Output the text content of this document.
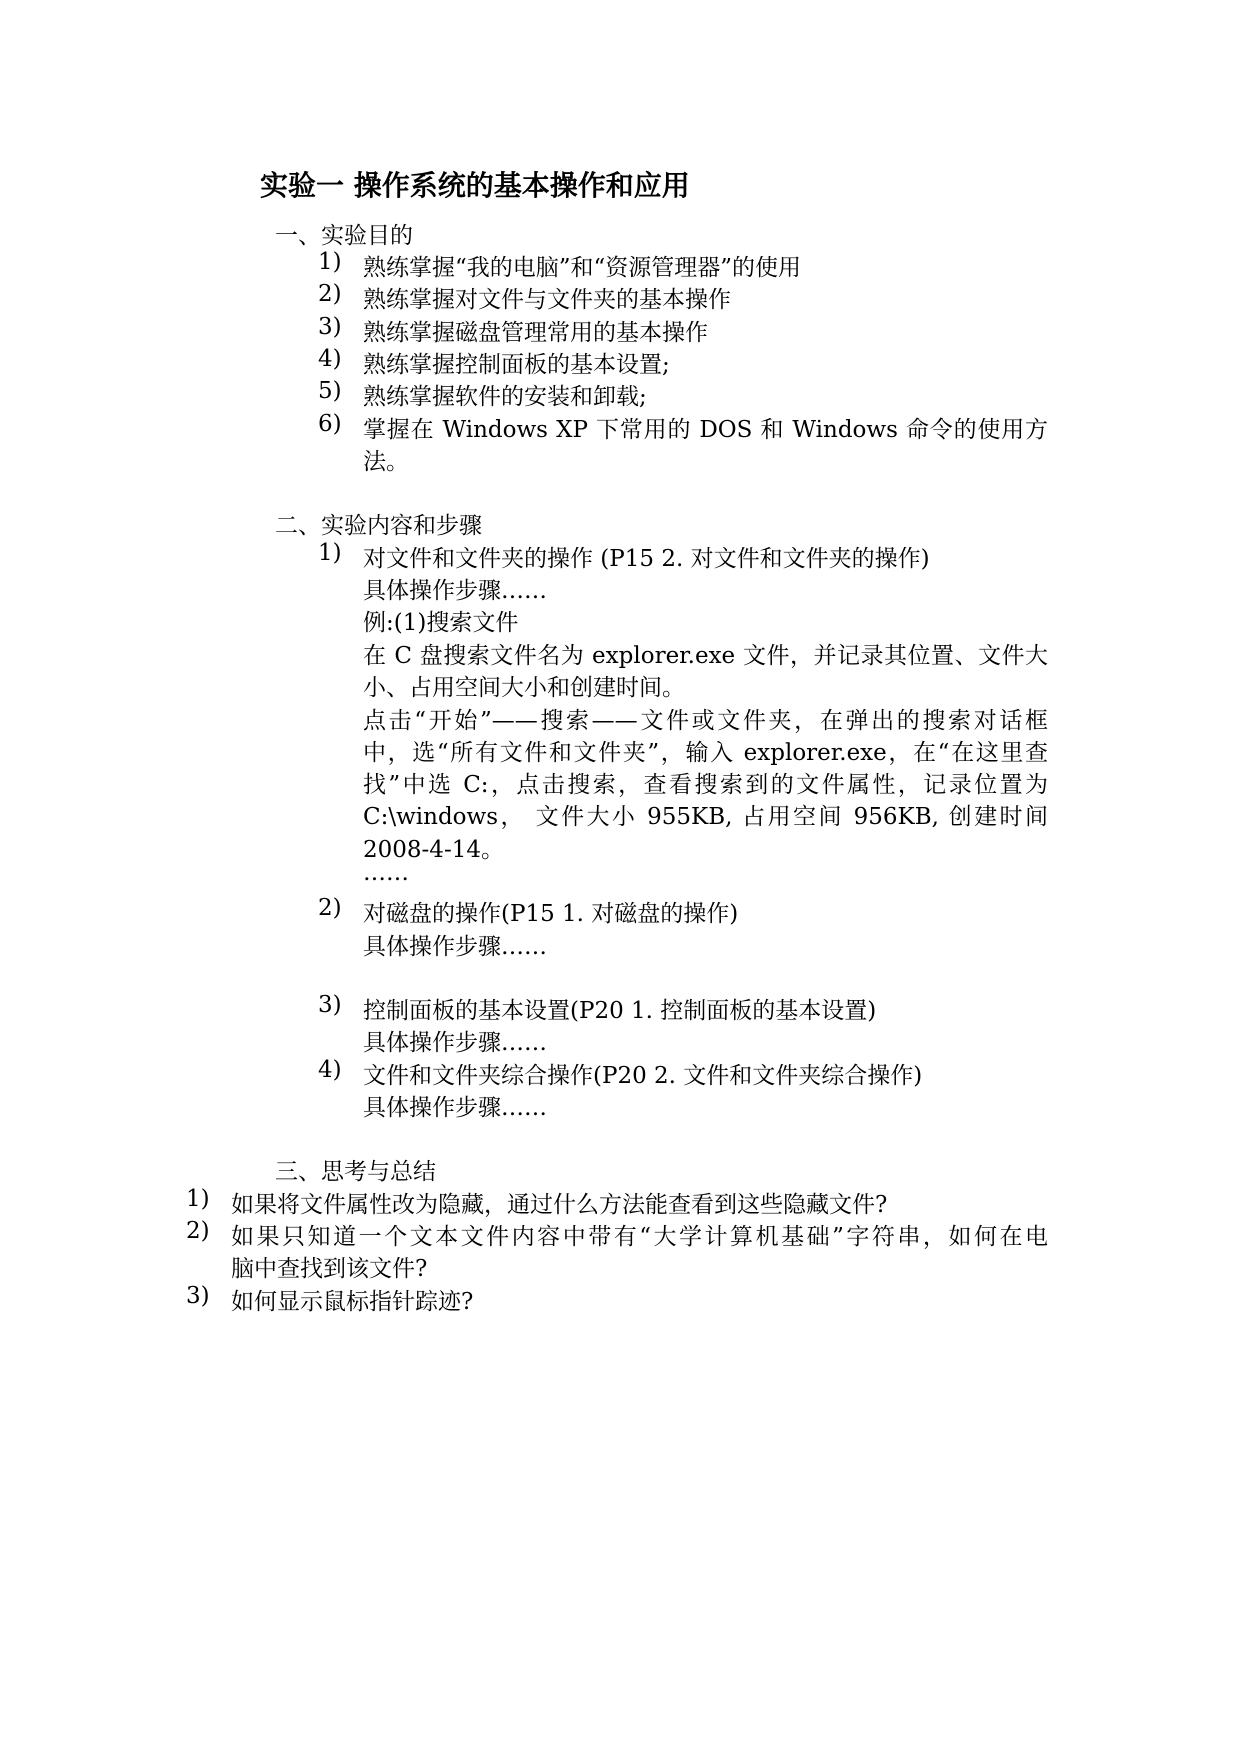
实验一 操作系统的基本操作和应用
一、实验目的
1) 熟练掌握“我的电脑”和“资源管理器”的使用
2) 熟练掌握对文件与文件夹的基本操作
3) 熟练掌握磁盘管理常用的基本操作
4) 熟练掌握控制面板的基本设置;
5) 熟练掌握软件的安装和卸载;
6) 掌握在 Windows XP 下常用的 DOS 和 Windows 命令的使用方
法。
二、实验内容和步骤
1) 对文件和文件夹的操作 (P15 2. 对文件和文件夹的操作)
具体操作步骤……
例:(1)搜索文件
在 C 盘搜索文件名为 explorer.exe 文件，并记录其位置、文件大
小、占用空间大小和创建时间。
点击“开始”——搜索——文件或文件夹，在弹出的搜索对话框
中，选“所有文件和文件夹”，输入 explorer.exe，在“在这里查
找”中选 C:，点击搜索，查看搜索到的文件属性，记录位置为
C:\windows， 文件大小 955KB, 占用空间 956KB, 创建时间
2008-4-14。
……
2) 对磁盘的操作(P15 1. 对磁盘的操作)
具体操作步骤……
3) 控制面板的基本设置(P20 1. 控制面板的基本设置)
具体操作步骤……
4) 文件和文件夹综合操作(P20 2. 文件和文件夹综合操作)
具体操作步骤……
三、思考与总结
1) 如果将文件属性改为隐藏，通过什么方法能查看到这些隐藏文件?
2) 如果只知道一个文本文件内容中带有“大学计算机基础”字符串，如何在电
脑中查找到该文件?
3) 如何显示鼠标指针踪迹?
